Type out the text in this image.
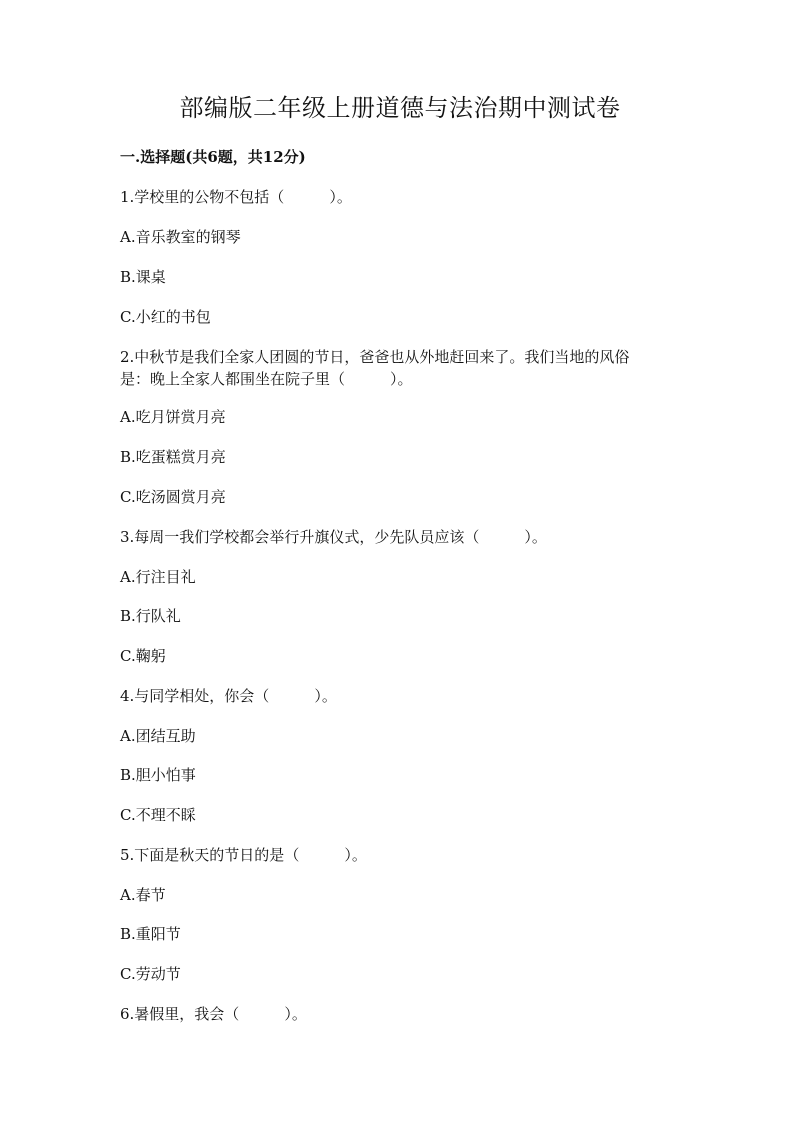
部编版二年级上册道德与法治期中测试卷

一.选择题(共6题，共12分)

1.学校里的公物不包括（　　　）。

A.音乐教室的钢琴

B.课桌

C.小红的书包

2.中秋节是我们全家人团圆的节日，爸爸也从外地赶回来了。我们当地的风俗

是：晚上全家人都围坐在院子里（　　　）。

A.吃月饼赏月亮

B.吃蛋糕赏月亮

C.吃汤圆赏月亮

3.每周一我们学校都会举行升旗仪式，少先队员应该（　　　）。

A.行注目礼

B.行队礼

C.鞠躬

4.与同学相处，你会（　　　）。

A.团结互助

B.胆小怕事

C.不理不睬

5.下面是秋天的节日的是（　　　）。

A.春节

B.重阳节

C.劳动节

6.暑假里，我会（　　　）。
